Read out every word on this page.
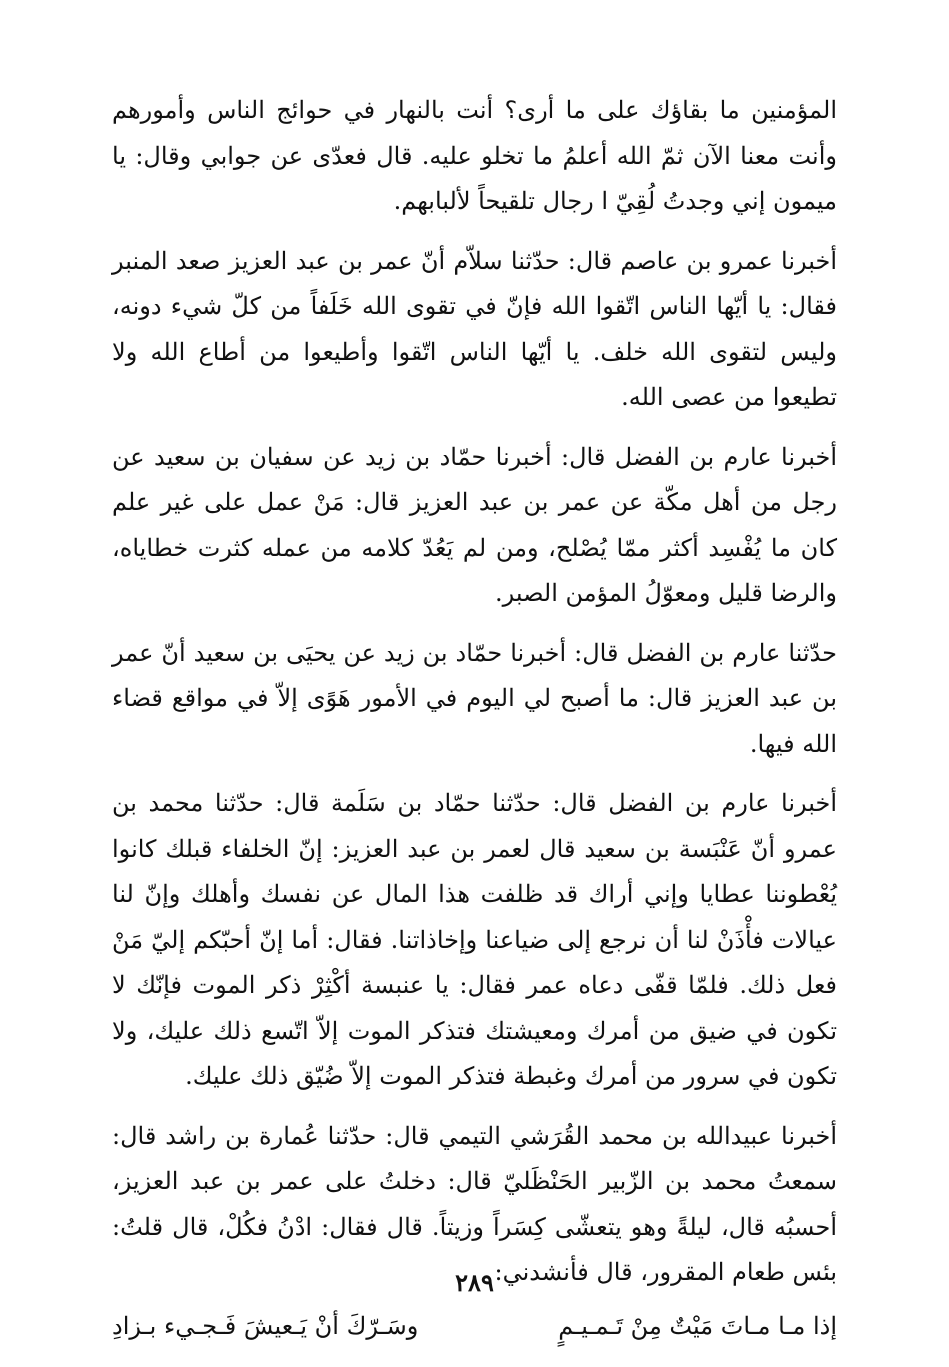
المؤمنين ما بقاؤك على ما أرى؟ أنت بالنهار في حوائج الناس وأمورهم وأنت معنا الآن ثمّ الله أعلمُ ما تخلو عليه. قال فعدّى عن جوابي وقال: يا ميمون إني وجدتُ لُقِيّ ا رجال تلقيحاً لألبابهم.

أخبرنا عمرو بن عاصم قال: حدّثنا سلاّم أنّ عمر بن عبد العزيز صعد المنبر فقال: يا أيّها الناس اتّقوا الله فإنّ في تقوى الله خَلَفاً من كلّ شيء دونه، وليس لتقوى الله خلف. يا أيّها الناس اتّقوا وأطيعوا من أطاع الله ولا تطيعوا من عصى الله.

أخبرنا عارم بن الفضل قال: أخبرنا حمّاد بن زيد عن سفيان بن سعيد عن رجل من أهل مكّة عن عمر بن عبد العزيز قال: مَنْ عمل على غير علم كان ما يُفْسِد أكثر ممّا يُصْلح، ومن لم يَعُدّ كلامه من عمله كثرت خطاياه، والرضا قليل ومعوّلُ المؤمن الصبر.

حدّثنا عارم بن الفضل قال: أخبرنا حمّاد بن زيد عن يحيَى بن سعيد أنّ عمر بن عبد العزيز قال: ما أصبح لي اليوم في الأمور هَوًى إلاّ في مواقع قضاء الله فيها.

أخبرنا عارم بن الفضل قال: حدّثنا حمّاد بن سَلَمة قال: حدّثنا محمد بن عمرو أنّ عَنْبَسة بن سعيد قال لعمر بن عبد العزيز: إنّ الخلفاء قبلك كانوا يُعْطوننا عطايا وإني أراك قد ظلفت هذا المال عن نفسك وأهلك وإنّ لنا عيالات فأْذَنْ لنا أن نرجع إلى ضياعنا وإخاذاتنا. فقال: أما إنّ أحبّكم إليّ مَنْ فعل ذلك. فلمّا قفّى دعاه عمر فقال: يا عنبسة أكْثِرْ ذكر الموت فإنّك لا تكون في ضيق من أمرك ومعيشتك فتذكر الموت إلاّ اتّسع ذلك عليك، ولا تكون في سرور من أمرك وغبطة فتذكر الموت إلاّ ضُيّق ذلك عليك.

أخبرنا عبيدالله بن محمد القُرَشي التيمي قال: حدّثنا عُمارة بن راشد قال: سمعتُ محمد بن الزّبير الحَنْظَليّ قال: دخلتُ على عمر بن عبد العزيز، أحسبُه قال، ليلةً وهو يتعشّى كِسَراً وزيتاً. قال فقال: ادْنُ فكُلْ، قال قلتُ: بئس طعام المقرور، قال فأنشدني:

إذا مـا مـاتَ مَيْتٌ مِنْ تَـمـيـمٍ
وسَـرّكَ أنْ يَـعيشَ فَـجـيء بـزادِ
٢٨٩
